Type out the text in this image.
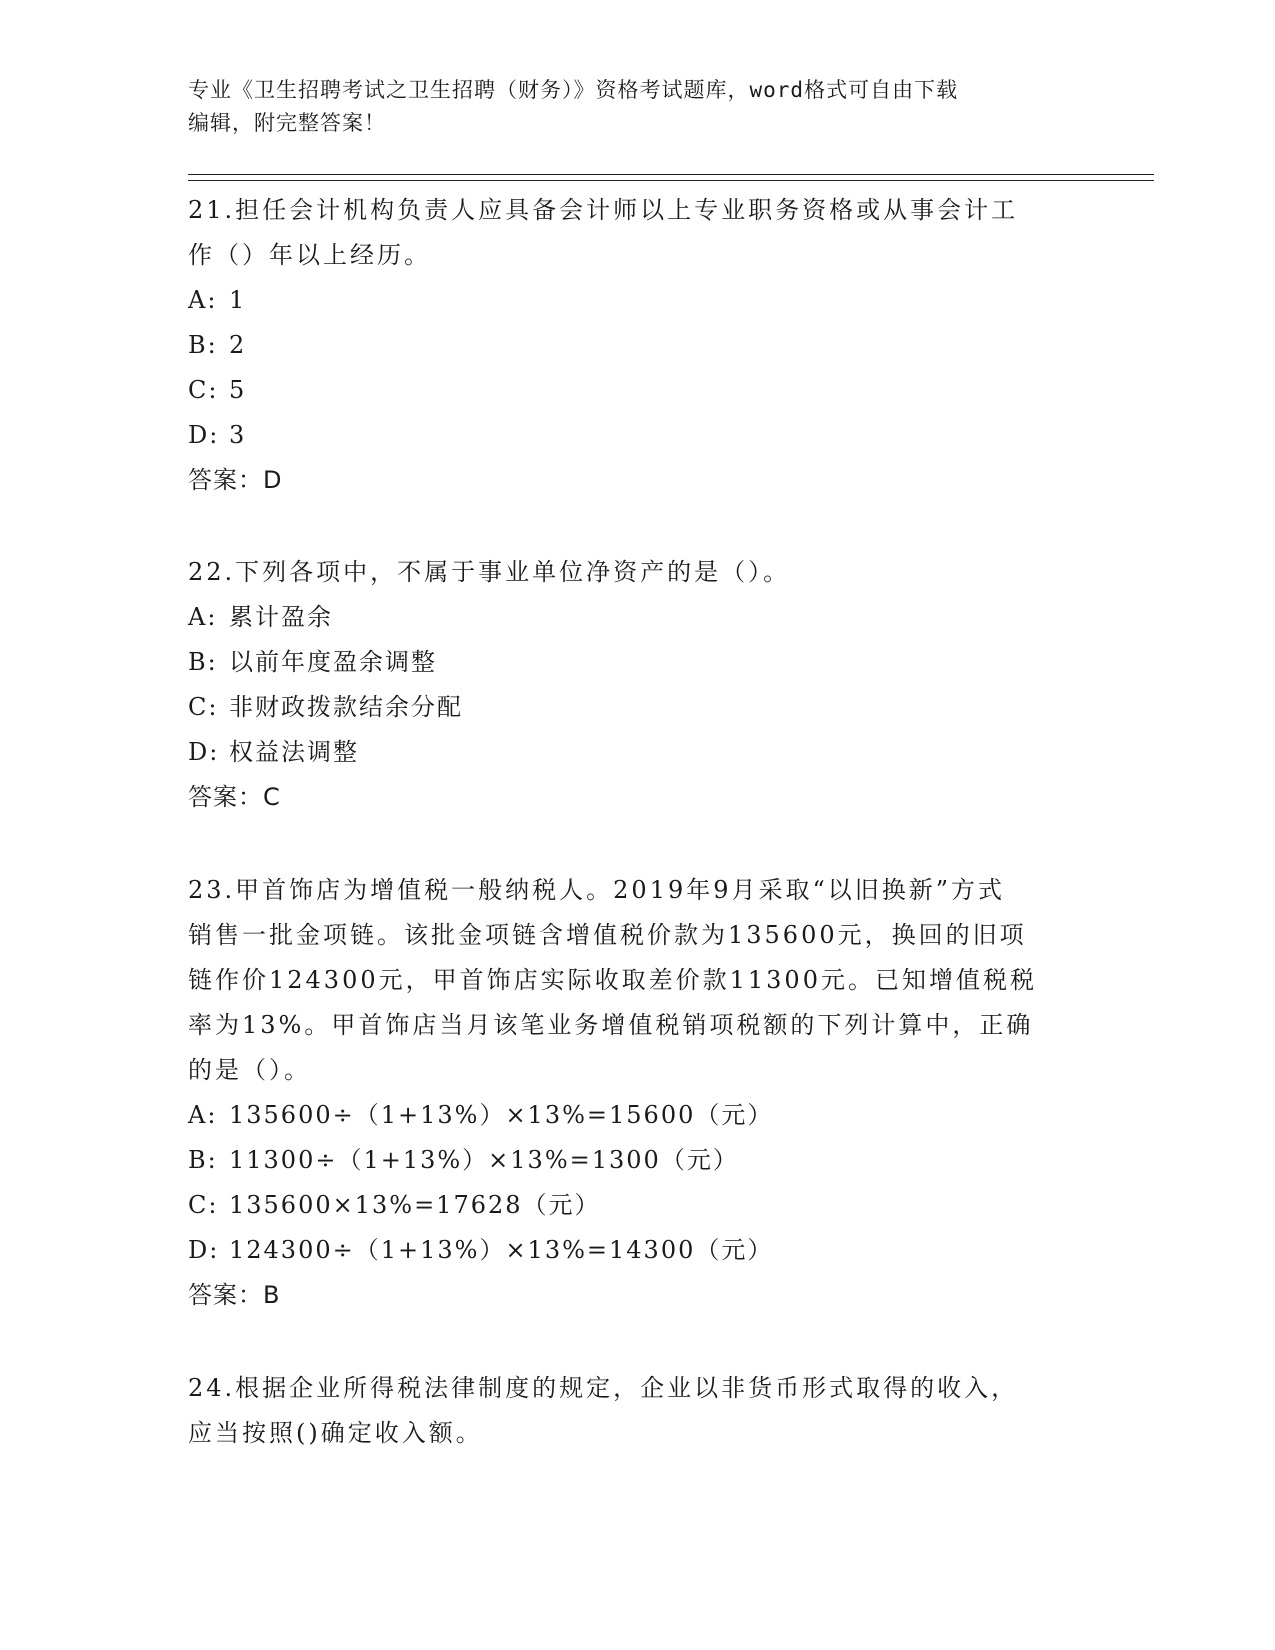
专业《卫生招聘考试之卫生招聘（财务）》资格考试题库，word格式可自由下载
编辑，附完整答案！
21.担任会计机构负责人应具备会计师以上专业职务资格或从事会计工
作（）年以上经历。
A: 1
B: 2
C: 5
D: 3
答案：D
22.下列各项中，不属于事业单位净资产的是（）。
A: 累计盈余
B: 以前年度盈余调整
C: 非财政拨款结余分配
D: 权益法调整
答案：C
23.甲首饰店为增值税一般纳税人。2019年9月采取“以旧换新”方式
销售一批金项链。该批金项链含增值税价款为135600元，换回的旧项
链作价124300元，甲首饰店实际收取差价款11300元。已知增值税税
率为13%。甲首饰店当月该笔业务增值税销项税额的下列计算中，正确
的是（）。
A: 135600÷（1+13%）×13%=15600（元）
B: 11300÷（1+13%）×13%=1300（元）
C: 135600×13%=17628（元）
D: 124300÷（1+13%）×13%=14300（元）
答案：B
24.根据企业所得税法律制度的规定，企业以非货币形式取得的收入，
应当按照()确定收入额。
